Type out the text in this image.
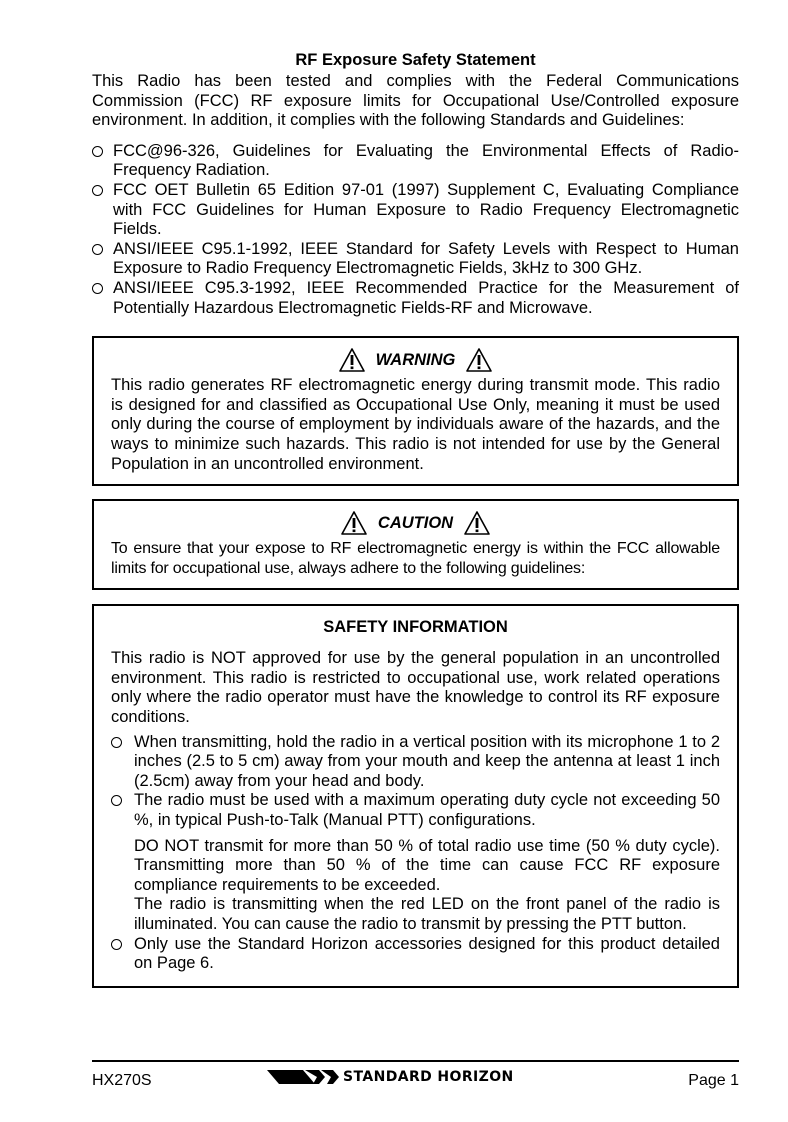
RF Exposure Safety Statement

This Radio has been tested and complies with the Federal Communications Commission (FCC) RF exposure limits for Occupational Use/Controlled exposure environment. In addition, it complies with the following Standards and Guidelines:

FCC@96-326, Guidelines for Evaluating the Environmental Effects of Radio-Frequency Radiation.
FCC OET Bulletin 65 Edition 97-01 (1997) Supplement C, Evaluating Compliance with FCC Guidelines for Human Exposure to Radio Frequency Electromagnetic Fields.
ANSI/IEEE C95.1-1992, IEEE Standard for Safety Levels with Respect to Human Exposure to Radio Frequency Electromagnetic Fields, 3kHz to 300 GHz.
ANSI/IEEE C95.3-1992, IEEE Recommended Practice for the Measurement of Potentially Hazardous Electromagnetic Fields-RF and Microwave.
WARNING

This radio generates RF electromagnetic energy during transmit mode. This radio is designed for and classified as Occupational Use Only, meaning it must be used only during the course of employment by individuals aware of the hazards, and the ways to minimize such hazards. This radio is not intended for use by the General Population in an uncontrolled environment.

CAUTION

To ensure that your expose to RF electromagnetic energy is within the FCC allowable limits for occupational use, always adhere to the following guidelines:

SAFETY INFORMATION

This radio is NOT approved for use by the general population in an uncontrolled environment. This radio is restricted to occupational use, work related operations only where the radio operator must have the knowledge to control its RF exposure conditions.

When transmitting, hold the radio in a vertical position with its microphone 1 to 2 inches (2.5 to 5 cm) away from your mouth and keep the antenna at least 1 inch (2.5cm) away from your head and body.
The radio must be used with a maximum operating duty cycle not exceeding 50 %, in typical Push-to-Talk (Manual PTT) configurations.

DO NOT transmit for more than 50 % of total radio use time (50 % duty cycle). Transmitting more than 50 % of the time can cause FCC RF exposure compliance requirements to be exceeded.

The radio is transmitting when the red LED on the front panel of the radio is illuminated. You can cause the radio to transmit by pressing the PTT button.

Only use the Standard Horizon accessories designed for this product detailed on Page 6.
HX270S	STANDARD HORIZON	Page 1
